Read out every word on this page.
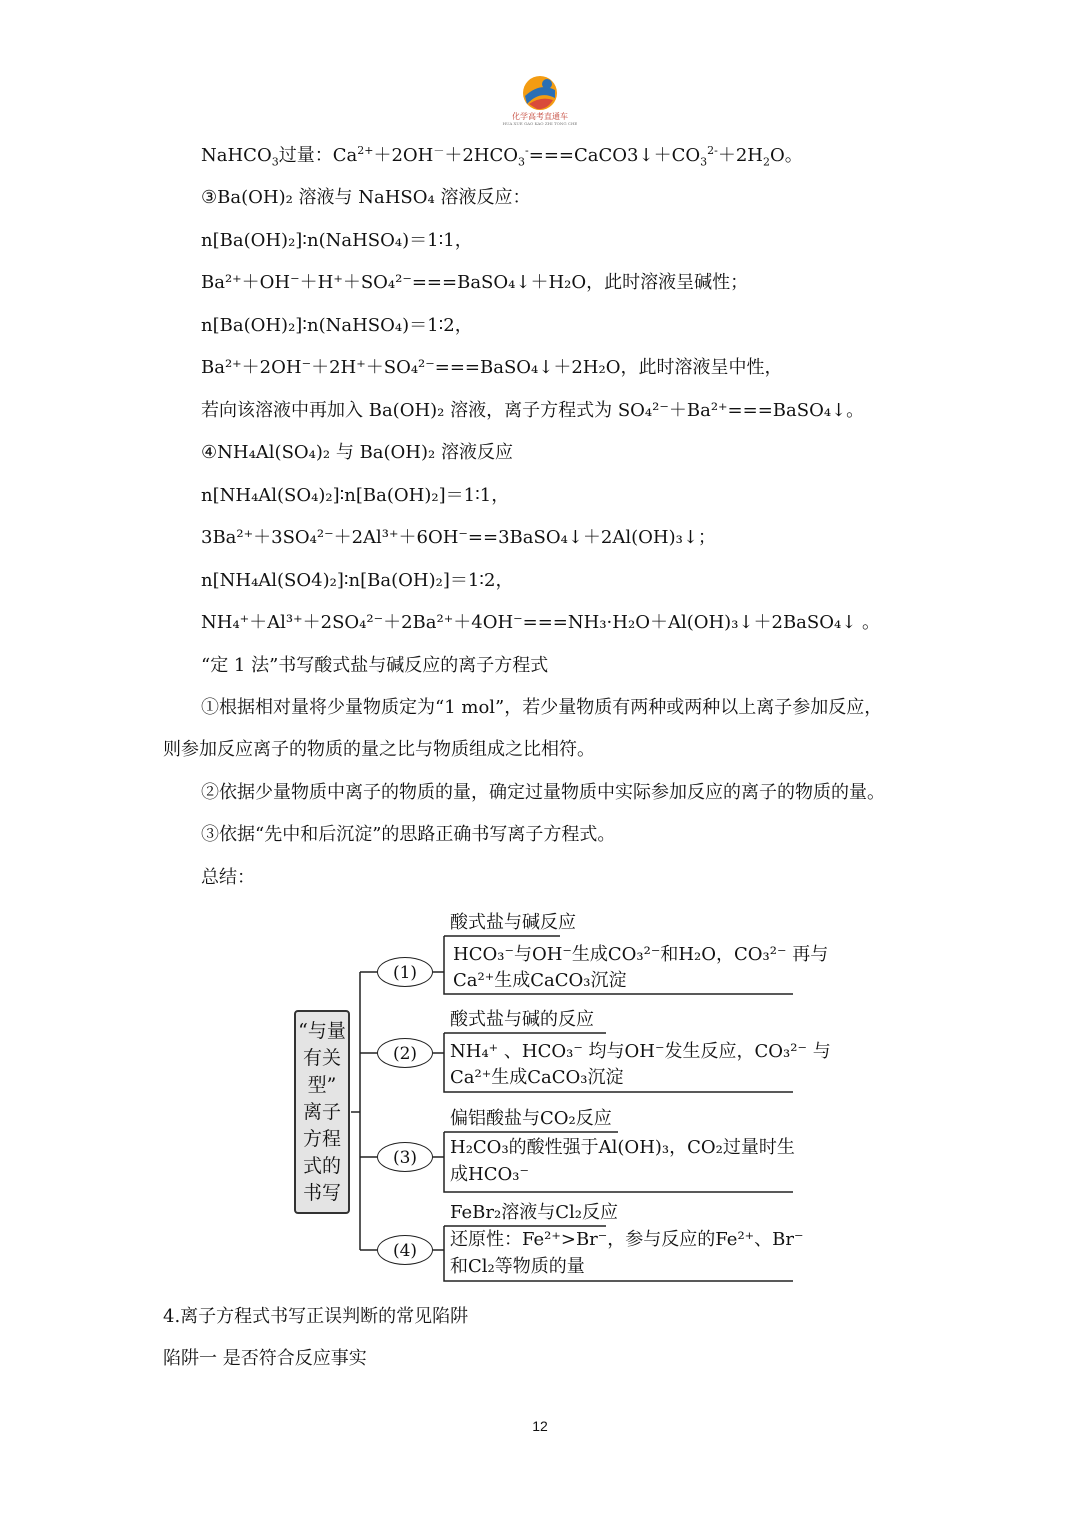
化学高考直通车
HUA XUE GAO KAO ZHI TONG CHE
NaHCO$_3$过量：$Ca^{2+}+2OH^-+2HCO_3^-===CaCO3↓+CO_3^{2-}+2H_2O$。
③Ba(OH)₂ 溶液与 NaHSO₄ 溶液反应：
n[Ba(OH)₂]∶n(NaHSO₄)＝1∶1，
Ba²⁺＋OH⁻＋H⁺＋SO₄²⁻===BaSO₄↓＋H₂O，此时溶液呈碱性；
n[Ba(OH)₂]∶n(NaHSO₄)＝1∶2，
Ba²⁺＋2OH⁻＋2H⁺＋SO₄²⁻===BaSO₄↓＋2H₂O，此时溶液呈中性，
若向该溶液中再加入 Ba(OH)₂ 溶液，离子方程式为 SO₄²⁻＋Ba²⁺===BaSO₄↓。
④NH₄Al(SO₄)₂ 与 Ba(OH)₂ 溶液反应
n[NH₄Al(SO₄)₂]∶n[Ba(OH)₂]＝1∶1，
3Ba²⁺＋3SO₄²⁻＋2Al³⁺＋6OH⁻==3BaSO₄↓＋2Al(OH)₃↓；
n[NH₄Al(SO4)₂]∶n[Ba(OH)₂]＝1∶2，
NH₄⁺＋Al³⁺＋2SO₄²⁻＋2Ba²⁺＋4OH⁻===NH₃·H₂O＋Al(OH)₃↓＋2BaSO₄↓ 。
“定 1 法”书写酸式盐与碱反应的离子方程式
①根据相对量将少量物质定为“1 mol”，若少量物质有两种或两种以上离子参加反应，
则参加反应离子的物质的量之比与物质组成之比相符。
②依据少量物质中离子的物质的量，确定过量物质中实际参加反应的离子的物质的量。
③依据“先中和后沉淀”的思路正确书写离子方程式。
总结：
“与量
有关
型”
离子
方程
式的
书写
(1)
酸式盐与碱反应
HCO₃⁻与OH⁻生成CO₃²⁻和H₂O，CO₃²⁻ 再与
Ca²⁺生成CaCO₃沉淀
(2)
酸式盐与碱的反应
NH₄⁺ 、HCO₃⁻ 均与OH⁻发生反应，CO₃²⁻ 与
Ca²⁺生成CaCO₃沉淀
(3)
偏铝酸盐与CO₂反应
H₂CO₃的酸性强于Al(OH)₃，CO₂过量时生
成HCO₃⁻
(4)
FeBr₂溶液与Cl₂反应
还原性：Fe²⁺>Br⁻，参与反应的Fe²⁺、Br⁻
和Cl₂等物质的量
4.离子方程式书写正误判断的常见陷阱
陷阱一 是否符合反应事实
12
